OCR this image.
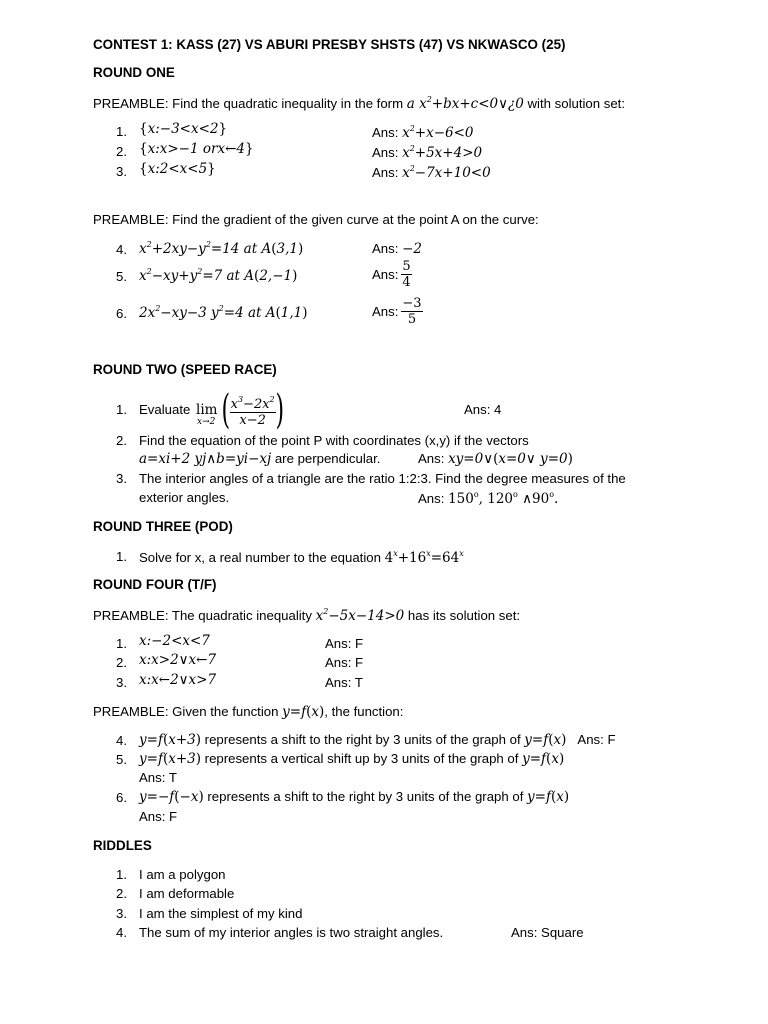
CONTEST 1: KASS (27) VS ABURI PRESBY SHSTS (47) VS NKWASCO (25)
ROUND ONE
PREAMBLE: Find the quadratic inequality in the form a $x^2+bx+c<0\vee¿0$ with solution set:
1. {x:−3<x<2}	Ans: $x^2+x-6<0$
2. {x:x>−1 orx←4}	Ans: $x^2+5x+4>0$
3. {x:2<x<5}	Ans: $x^2-7x+10<0$
PREAMBLE: Find the gradient of the given curve at the point A on the curve:
4. $x^2+2xy-y^2=14$ at A(3,1)	Ans: −2
5. $x^2-xy+y^2=7$ at A(2,−1)	Ans: $\frac{5}{4}$
6. $2x^2-xy-3$ $y^2=4$ at A(1,1)	Ans: $\frac{-3}{5}$
ROUND TWO (SPEED RACE)
1. Evaluate lim
x→2 ( $\frac{x^3-2x^2}{x-2}$ )	Ans: 4
2. Find the equation of the point P with coordinates (x,y) if the vectors
a=xi+2 yj∧b=yi−xj are perpendicular.	Ans: xy=0∨(x=0∨ y=0)
3. The interior angles of a triangle are the ratio 1:2:3. Find the degree measures of the
exterior angles.	Ans: 150$^o$, 120$^o$ ∧90$^o$.
ROUND THREE (POD)
1. Solve for x, a real number to the equation $4^x+16^x=64^x$
ROUND FOUR (T/F)
PREAMBLE: The quadratic inequality $x^2-5x-14>0$ has its solution set:
1. x:−2<x<7	Ans: F
2. x:x>2∨x←7	Ans: F
3. x:x←2∨x>7	Ans: T
PREAMBLE: Given the function y=f(x), the function:
4. y=f(x+3) represents a shift to the right by 3 units of the graph of y=f(x) Ans: F
5. y=f(x+3) represents a vertical shift up by 3 units of the graph of y=f(x)
Ans: T
6. y=−f(−x) represents a shift to the right by 3 units of the graph of y=f(x)
Ans: F
RIDDLES
1. I am a polygon
2. I am deformable
3. I am the simplest of my kind
4. The sum of my interior angles is two straight angles.	Ans: Square
